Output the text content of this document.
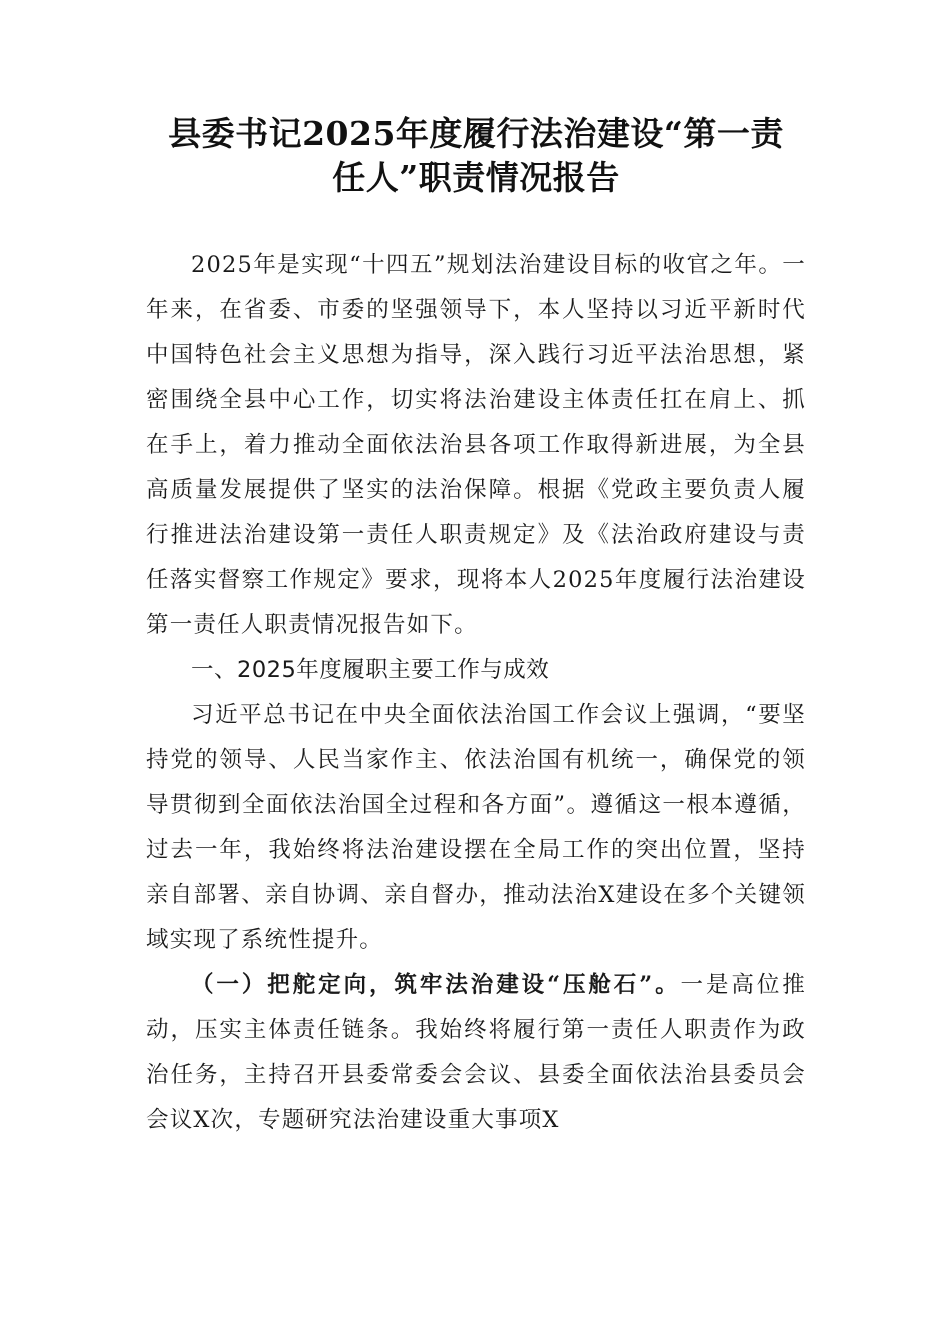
县委书记2025年度履行法治建设“第一责
任人”职责情况报告

2025年是实现“十四五”规划法治建设目标的收官之年。一年来，在省委、市委的坚强领导下，本人坚持以习近平新时代中国特色社会主义思想为指导，深入践行习近平法治思想，紧密围绕全县中心工作，切实将法治建设主体责任扛在肩上、抓在手上，着力推动全面依法治县各项工作取得新进展，为全县高质量发展提供了坚实的法治保障。根据《党政主要负责人履行推进法治建设第一责任人职责规定》及《法治政府建设与责任落实督察工作规定》要求，现将本人2025年度履行法治建设第一责任人职责情况报告如下。

一、2025年度履职主要工作与成效

习近平总书记在中央全面依法治国工作会议上强调，“要坚持党的领导、人民当家作主、依法治国有机统一，确保党的领导贯彻到全面依法治国全过程和各方面”。遵循这一根本遵循，过去一年，我始终将法治建设摆在全局工作的突出位置，坚持亲自部署、亲自协调、亲自督办，推动法治X建设在多个关键领域实现了系统性提升。

（一）把舵定向，筑牢法治建设“压舱石”。一是高位推动，压实主体责任链条。我始终将履行第一责任人职责作为政治任务，主持召开县委常委会会议、县委全面依法治县委员会会议X次，专题研究法治建设重大事项X
